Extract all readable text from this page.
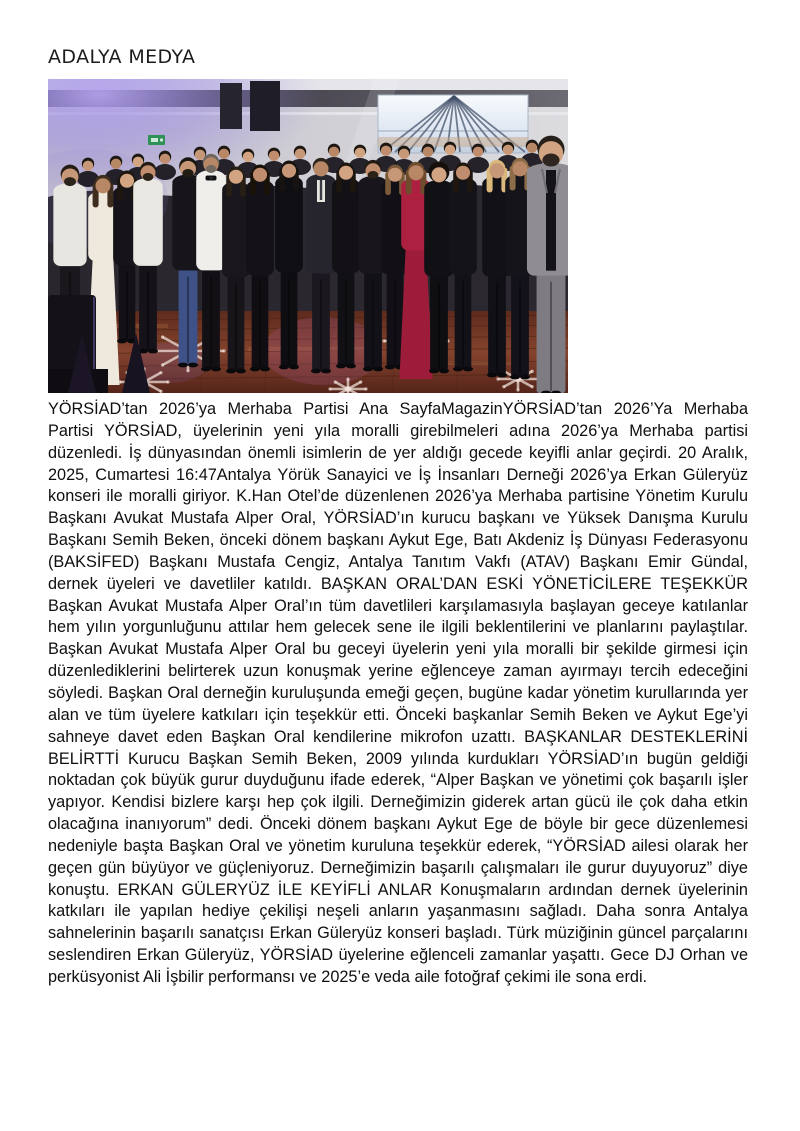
ADALYA MEDYA

YÖRSİAD’tan 2026’ya Merhaba Partisi Ana SayfaMagazinYÖRSİAD’tan 2026’Ya Merhaba Partisi YÖRSİAD, üyelerinin yeni yıla moralli girebilmeleri adına 2026’ya Merhaba partisi düzenledi. İş dünyasından önemli isimlerin de yer aldığı gecede keyifli anlar geçirdi. 20 Aralık, 2025, Cumartesi 16:47Antalya Yörük Sanayici ve İş İnsanları Derneği 2026’ya Erkan Güleryüz konseri ile moralli giriyor. K.Han Otel’de düzenlenen 2026’ya Merhaba partisine Yönetim Kurulu Başkanı Avukat Mustafa Alper Oral, YÖRSİAD’ın kurucu başkanı ve Yüksek Danışma Kurulu Başkanı Semih Beken, önceki dönem başkanı Aykut Ege, Batı Akdeniz İş Dünyası Federasyonu (BAKSİFED) Başkanı Mustafa Cengiz, Antalya Tanıtım Vakfı (ATAV) Başkanı Emir Gündal, dernek üyeleri ve davetliler katıldı. BAŞKAN ORAL’DAN ESKİ YÖNETİCİLERE TEŞEKKÜR Başkan Avukat Mustafa Alper Oral’ın tüm davetlileri karşılamasıyla başlayan geceye katılanlar hem yılın yorgunluğunu attılar hem gelecek sene ile ilgili beklentilerini ve planlarını paylaştılar. Başkan Avukat Mustafa Alper Oral bu geceyi üyelerin yeni yıla moralli bir şekilde girmesi için düzenlediklerini belirterek uzun konuşmak yerine eğlenceye zaman ayırmayı tercih edeceğini söyledi. Başkan Oral derneğin kuruluşunda emeği geçen, bugüne kadar yönetim kurullarında yer alan ve tüm üyelere katkıları için teşekkür etti. Önceki başkanlar Semih Beken ve Aykut Ege’yi sahneye davet eden Başkan Oral kendilerine mikrofon uzattı. BAŞKANLAR DESTEKLERİNİ BELİRTTİ Kurucu Başkan Semih Beken, 2009 yılında kurdukları YÖRSİAD’ın bugün geldiği noktadan çok büyük gurur duyduğunu ifade ederek, “Alper Başkan ve yönetimi çok başarılı işler yapıyor. Kendisi bizlere karşı hep çok ilgili. Derneğimizin giderek artan gücü ile çok daha etkin olacağına inanıyorum” dedi. Önceki dönem başkanı Aykut Ege de böyle bir gece düzenlemesi nedeniyle başta Başkan Oral ve yönetim kuruluna teşekkür ederek, “YÖRSİAD ailesi olarak her geçen gün büyüyor ve güçleniyoruz. Derneğimizin başarılı çalışmaları ile gurur duyuyoruz” diye konuştu. ERKAN GÜLERYÜZ İLE KEYİFLİ ANLAR Konuşmaların ardından dernek üyelerinin katkıları ile yapılan hediye çekilişi neşeli anların yaşanmasını sağladı. Daha sonra Antalya sahnelerinin başarılı sanatçısı Erkan Güleryüz konseri başladı. Türk müziğinin güncel parçalarını seslendiren Erkan Güleryüz, YÖRSİAD üyelerine eğlenceli zamanlar yaşattı. Gece DJ Orhan ve perküsyonist Ali İşbilir performansı ve 2025’e veda aile fotoğraf çekimi ile sona erdi.
